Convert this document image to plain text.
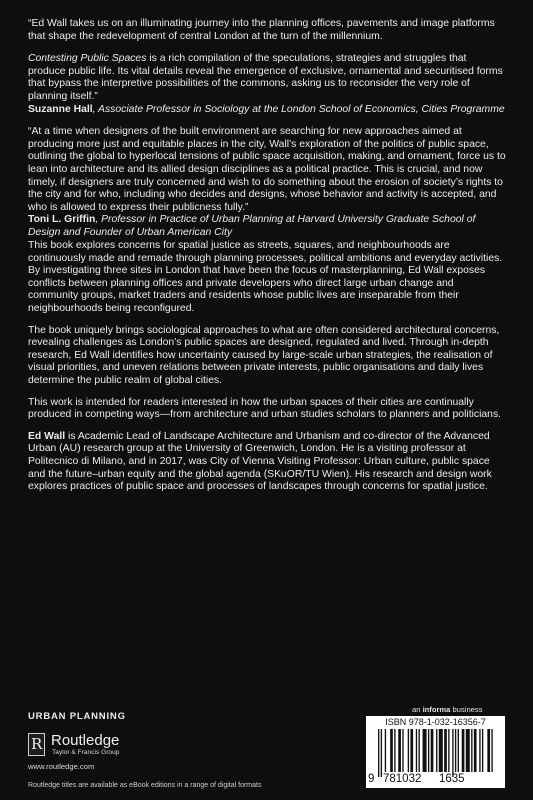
“Ed Wall takes us on an illuminating journey into the planning offices, pavements and image platforms that shape the redevelopment of central London at the turn of the millennium.

Contesting Public Spaces is a rich compilation of the speculations, strategies and struggles that produce public life. Its vital details reveal the emergence of exclusive, ornamental and securitised forms that bypass the interpretive possibilities of the commons, asking us to reconsider the very role of planning itself.”

Suzanne Hall, Associate Professor in Sociology at the London School of Economics, Cities Programme

“At a time when designers of the built environment are searching for new approaches aimed at producing more just and equitable places in the city, Wall’s exploration of the politics of public space, outlining the global to hyperlocal tensions of public space acquisition, making, and ornament, force us to lean into architecture and its allied design disciplines as a political practice. This is crucial, and now timely, if designers are truly concerned and wish to do something about the erosion of society’s rights to the city and for who, including who decides and designs, whose behavior and activity is accepted, and who is allowed to express their publicness fully.”

Toni L. Griffin, Professor in Practice of Urban Planning at Harvard University Graduate School of Design and Founder of Urban American City

This book explores concerns for spatial justice as streets, squares, and neighbourhoods are continuously made and remade through planning processes, political ambitions and everyday activities. By investigating three sites in London that have been the focus of masterplanning, Ed Wall exposes conflicts between planning offices and private developers who direct large urban change and community groups, market traders and residents whose public lives are inseparable from their neighbourhoods being reconfigured.

The book uniquely brings sociological approaches to what are often considered architectural concerns, revealing challenges as London’s public spaces are designed, regulated and lived. Through in-depth research, Ed Wall identifies how uncertainty caused by large-scale urban strategies, the realisation of visual priorities, and uneven relations between private interests, public organisations and daily lives determine the public realm of global cities.

This work is intended for readers interested in how the urban spaces of their cities are continually produced in competing ways—from architecture and urban studies scholars to planners and politicians.

Ed Wall is Academic Lead of Landscape Architecture and Urbanism and co-director of the Advanced Urban (AU) research group at the University of Greenwich, London. He is a visiting professor at Politecnico di Milano, and in 2017, was City of Vienna Visiting Professor: Urban culture, public space and the future–urban equity and the global agenda (SKuOR/TU Wien). His research and design work explores practices of public space and processes of landscapes through concerns for spatial justice.

URBAN PLANNING
R Routledge
Taylor & Francis Group
www.routledge.com
Routledge titles are available as eBook editions in a range of digital formats
an informa business
ISBN 978-1-032-16356-7
9 781032 1635
